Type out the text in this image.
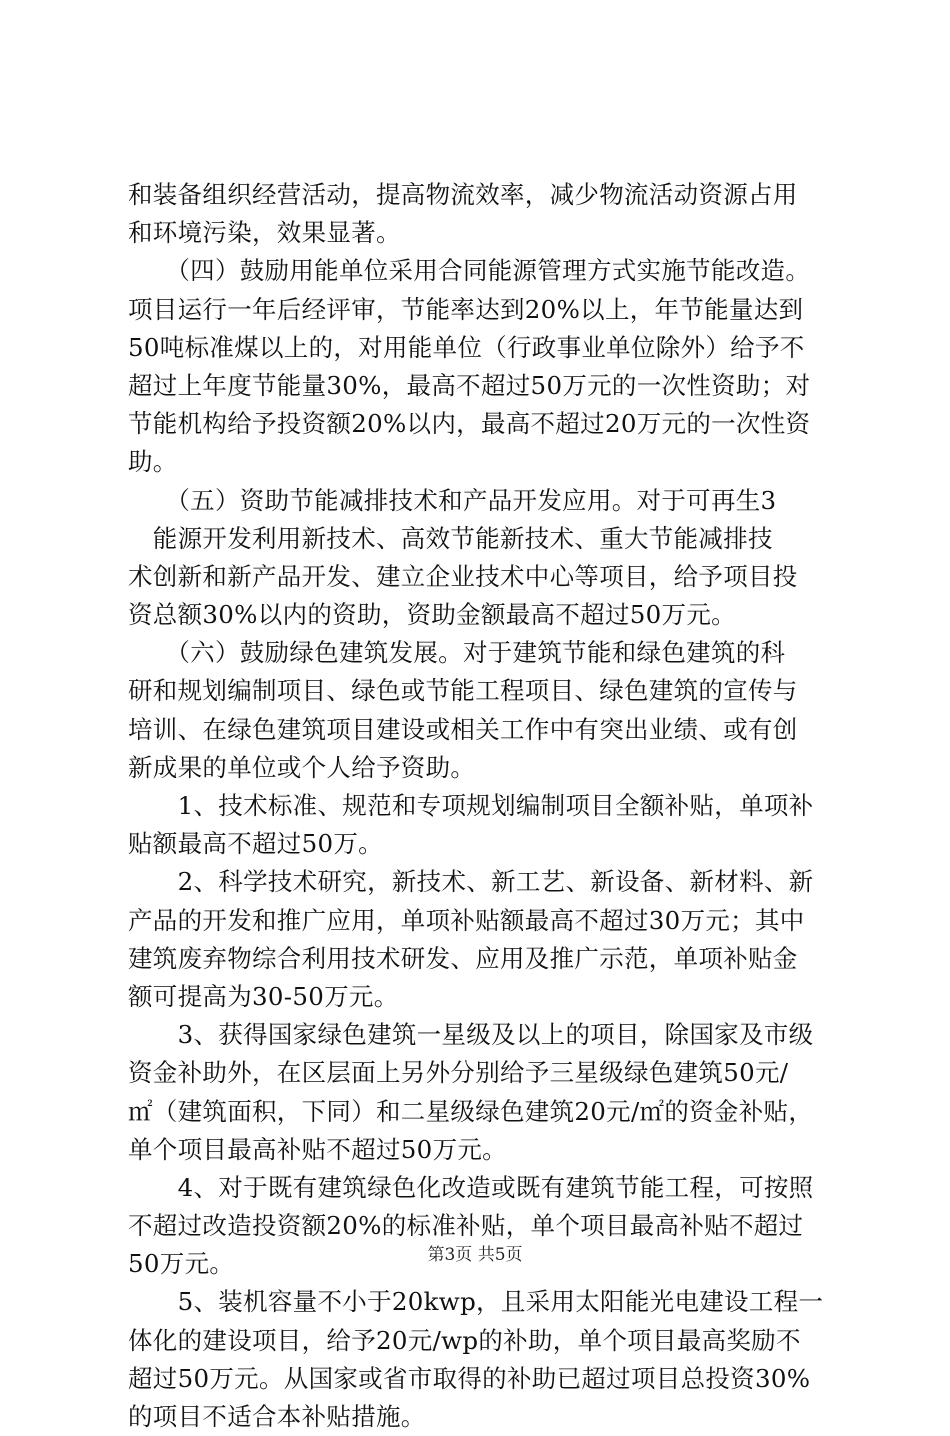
和装备组织经营活动，提高物流效率，减少物流活动资源占用
和环境污染，效果显著。
　　（四）鼓励用能单位采用合同能源管理方式实施节能改造。
项目运行一年后经评审，节能率达到20%以上，年节能量达到
50吨标准煤以上的，对用能单位（行政事业单位除外）给予不
超过上年度节能量30%，最高不超过50万元的一次性资助；对
节能机构给予投资额20%以内，最高不超过20万元的一次性资
助。
　　（五）资助节能减排技术和产品开发应用。对于可再生3
　能源开发利用新技术、高效节能新技术、重大节能减排技
术创新和新产品开发、建立企业技术中心等项目，给予项目投
资总额30%以内的资助，资助金额最高不超过50万元。
　　（六）鼓励绿色建筑发展。对于建筑节能和绿色建筑的科
研和规划编制项目、绿色或节能工程项目、绿色建筑的宣传与
培训、在绿色建筑项目建设或相关工作中有突出业绩、或有创
新成果的单位或个人给予资助。
　　1、技术标准、规范和专项规划编制项目全额补贴，单项补
贴额最高不超过50万。
　　2、科学技术研究，新技术、新工艺、新设备、新材料、新
产品的开发和推广应用，单项补贴额最高不超过30万元；其中
建筑废弃物综合利用技术研发、应用及推广示范，单项补贴金
额可提高为30-50万元。
　　3、获得国家绿色建筑一星级及以上的项目，除国家及市级
资金补助外，在区层面上另外分别给予三星级绿色建筑50元/
㎡（建筑面积，下同）和二星级绿色建筑20元/㎡的资金补贴，
单个项目最高补贴不超过50万元。
　　4、对于既有建筑绿色化改造或既有建筑节能工程，可按照
不超过改造投资额20%的标准补贴，单个项目最高补贴不超过
50万元。
　　5、装机容量不小于20kwp，且采用太阳能光电建设工程一
体化的建设项目，给予20元/wp的补助，单个项目最高奖励不
超过50万元。从国家或省市取得的补助已超过项目总投资30%
的项目不适合本补贴措施。
第3页 共5页
